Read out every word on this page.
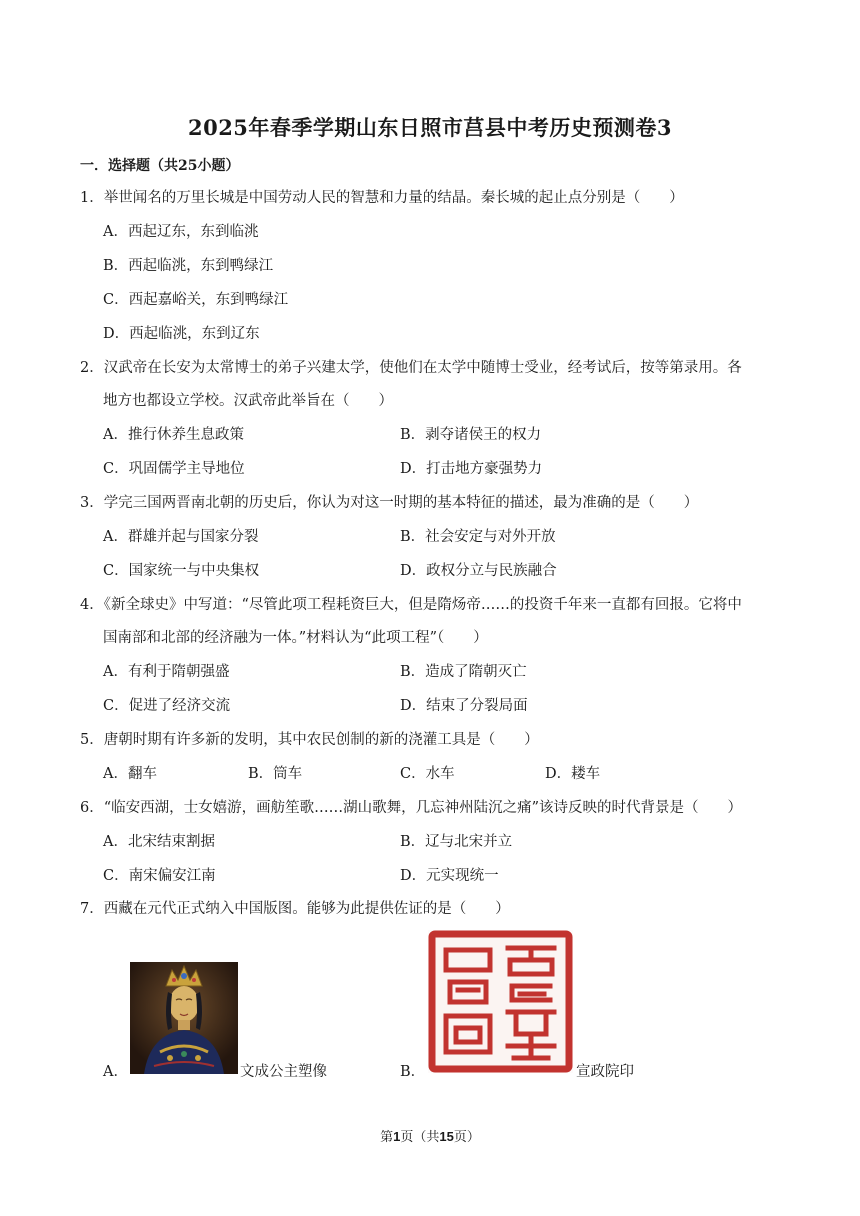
2025年春季学期山东日照市莒县中考历史预测卷3
一．选择题（共25小题）
1．举世闻名的万里长城是中国劳动人民的智慧和力量的结晶。秦长城的起止点分别是（　　）
A．西起辽东，东到临洮
B．西起临洮，东到鸭绿江
C．西起嘉峪关，东到鸭绿江
D．西起临洮，东到辽东
2．汉武帝在长安为太常博士的弟子兴建太学，使他们在太学中随博士受业，经考试后，按等第录用。各
地方也都设立学校。汉武帝此举旨在（　　）
A．推行休养生息政策	B．剥夺诸侯王的权力
C．巩固儒学主导地位	D．打击地方豪强势力
3．学完三国两晋南北朝的历史后，你认为对这一时期的基本特征的描述，最为准确的是（　　）
A．群雄并起与国家分裂	B．社会安定与对外开放
C．国家统一与中央集权	D．政权分立与民族融合
4．《新全球史》中写道：“尽管此项工程耗资巨大，但是隋炀帝……的投资千年来一直都有回报。它将中
国南部和北部的经济融为一体。”材料认为“此项工程”（　　）
A．有利于隋朝强盛	B．造成了隋朝灭亡
C．促进了经济交流	D．结束了分裂局面
5．唐朝时期有许多新的发明，其中农民创制的新的浇灌工具是（　　）
A．翻车	B．筒车	C．水车	D．耧车
6．“临安西湖，士女嬉游，画舫笙歌……湖山歌舞，几忘神州陆沉之痛”该诗反映的时代背景是（　　）
A．北宋结束割据	B．辽与北宋并立
C．南宋偏安江南	D．元实现统一
7．西藏在元代正式纳入中国版图。能够为此提供佐证的是（　　）
A．	文成公主塑像	B．	宣政院印
第1页（共15页）
